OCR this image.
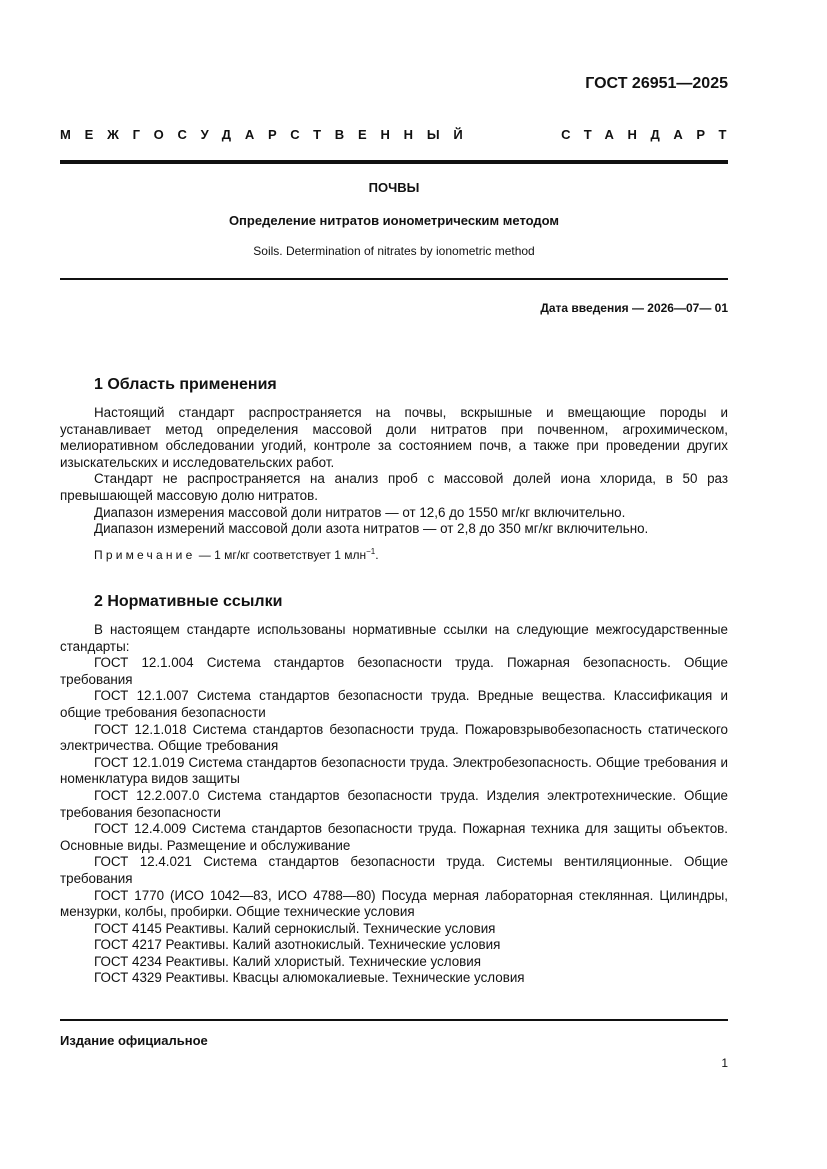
ГОСТ 26951—2025
МЕЖГОСУДАРСТВЕННЫЙ	СТАНДАРТ
ПОЧВЫ
Определение нитратов ионометрическим методом
Soils. Determination of nitrates by ionometric method
Дата введения — 2026—07— 01
1 Область применения

Настоящий стандарт распространяется на почвы, вскрышные и вмещающие породы и устанавливает метод определения массовой доли нитратов при почвенном, агрохимическом, мелиоративном обследовании угодий, контроле за состоянием почв, а также при проведении других изыскательских и исследовательских работ.

Стандарт не распространяется на анализ проб с массовой долей иона хлорида, в 50 раз превышающей массовую долю нитратов.

Диапазон измерения массовой доли нитратов — от 12,6 до 1550 мг/кг включительно.

Диапазон измерений массовой доли азота нитратов — от 2,8 до 350 мг/кг включительно.

Примечание — 1 мг/кг соответствует 1 млн$^{-1}$.
2 Нормативные ссылки

В настоящем стандарте использованы нормативные ссылки на следующие межгосударственные стандарты:

ГОСТ 12.1.004 Система стандартов безопасности труда. Пожарная безопасность. Общие требования

ГОСТ 12.1.007 Система стандартов безопасности труда. Вредные вещества. Классификация и общие требования безопасности

ГОСТ 12.1.018 Система стандартов безопасности труда. Пожаровзрывобезопасность статического электричества. Общие требования

ГОСТ 12.1.019 Система стандартов безопасности труда. Электробезопасность. Общие требования и номенклатура видов защиты

ГОСТ 12.2.007.0 Система стандартов безопасности труда. Изделия электротехнические. Общие требования безопасности

ГОСТ 12.4.009 Система стандартов безопасности труда. Пожарная техника для защиты объектов. Основные виды. Размещение и обслуживание

ГОСТ 12.4.021 Система стандартов безопасности труда. Системы вентиляционные. Общие требования

ГОСТ 1770 (ИСО 1042—83, ИСО 4788—80) Посуда мерная лабораторная стеклянная. Цилиндры, мензурки, колбы, пробирки. Общие технические условия

ГОСТ 4145 Реактивы. Калий сернокислый. Технические условия

ГОСТ 4217 Реактивы. Калий азотнокислый. Технические условия

ГОСТ 4234 Реактивы. Калий хлористый. Технические условия

ГОСТ 4329 Реактивы. Квасцы алюмокалиевые. Технические условия

Издание официальное
1
